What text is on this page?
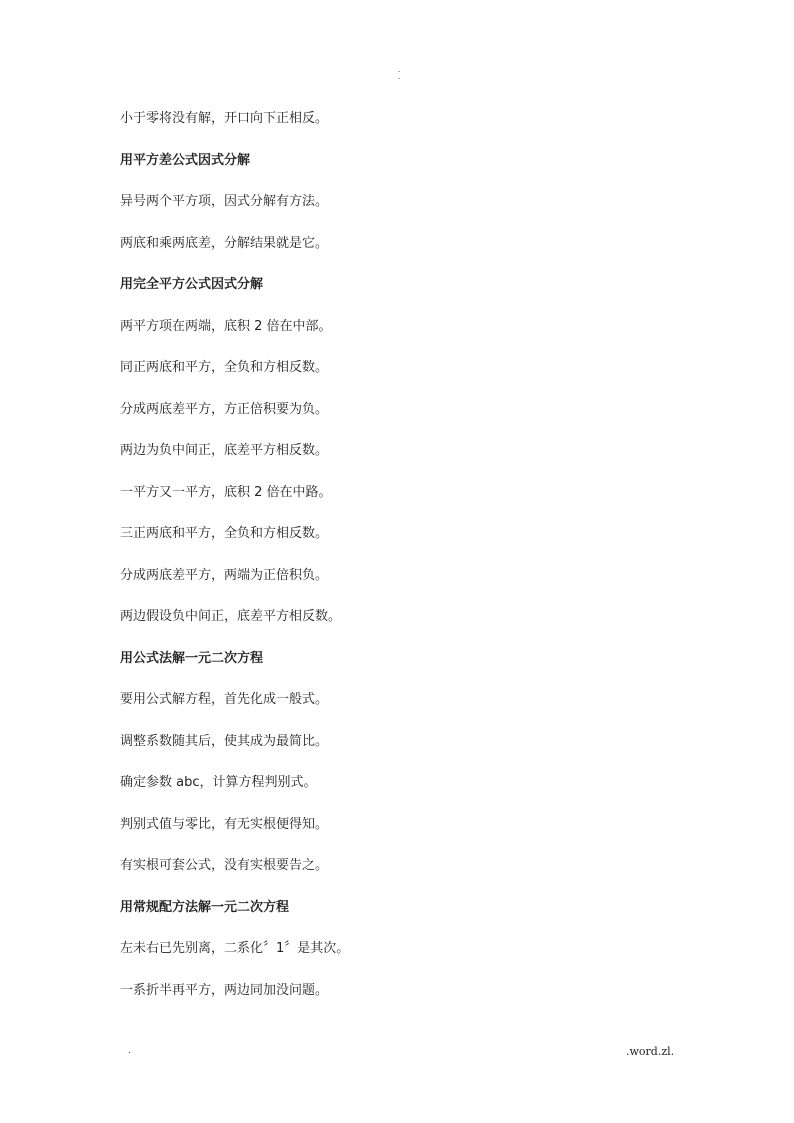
.
.
小于零将没有解，开口向下正相反。
用平方差公式因式分解
异号两个平方项，因式分解有方法。
两底和乘两底差，分解结果就是它。
用完全平方公式因式分解
两平方项在两端，底积 2 倍在中部。
同正两底和平方，全负和方相反数。
分成两底差平方，方正倍积要为负。
两边为负中间正，底差平方相反数。
一平方又一平方，底积 2 倍在中路。
三正两底和平方，全负和方相反数。
分成两底差平方，两端为正倍积负。
两边假设负中间正，底差平方相反数。
用公式法解一元二次方程
要用公式解方程，首先化成一般式。
调整系数随其后，使其成为最简比。
确定参数 abc，计算方程判别式。
判别式值与零比，有无实根便得知。
有实根可套公式，没有实根要告之。
用常规配方法解一元二次方程
左未右已先别离，二系化〞1〞是其次。
一系折半再平方，两边同加没问题。
.	.word.zl.
